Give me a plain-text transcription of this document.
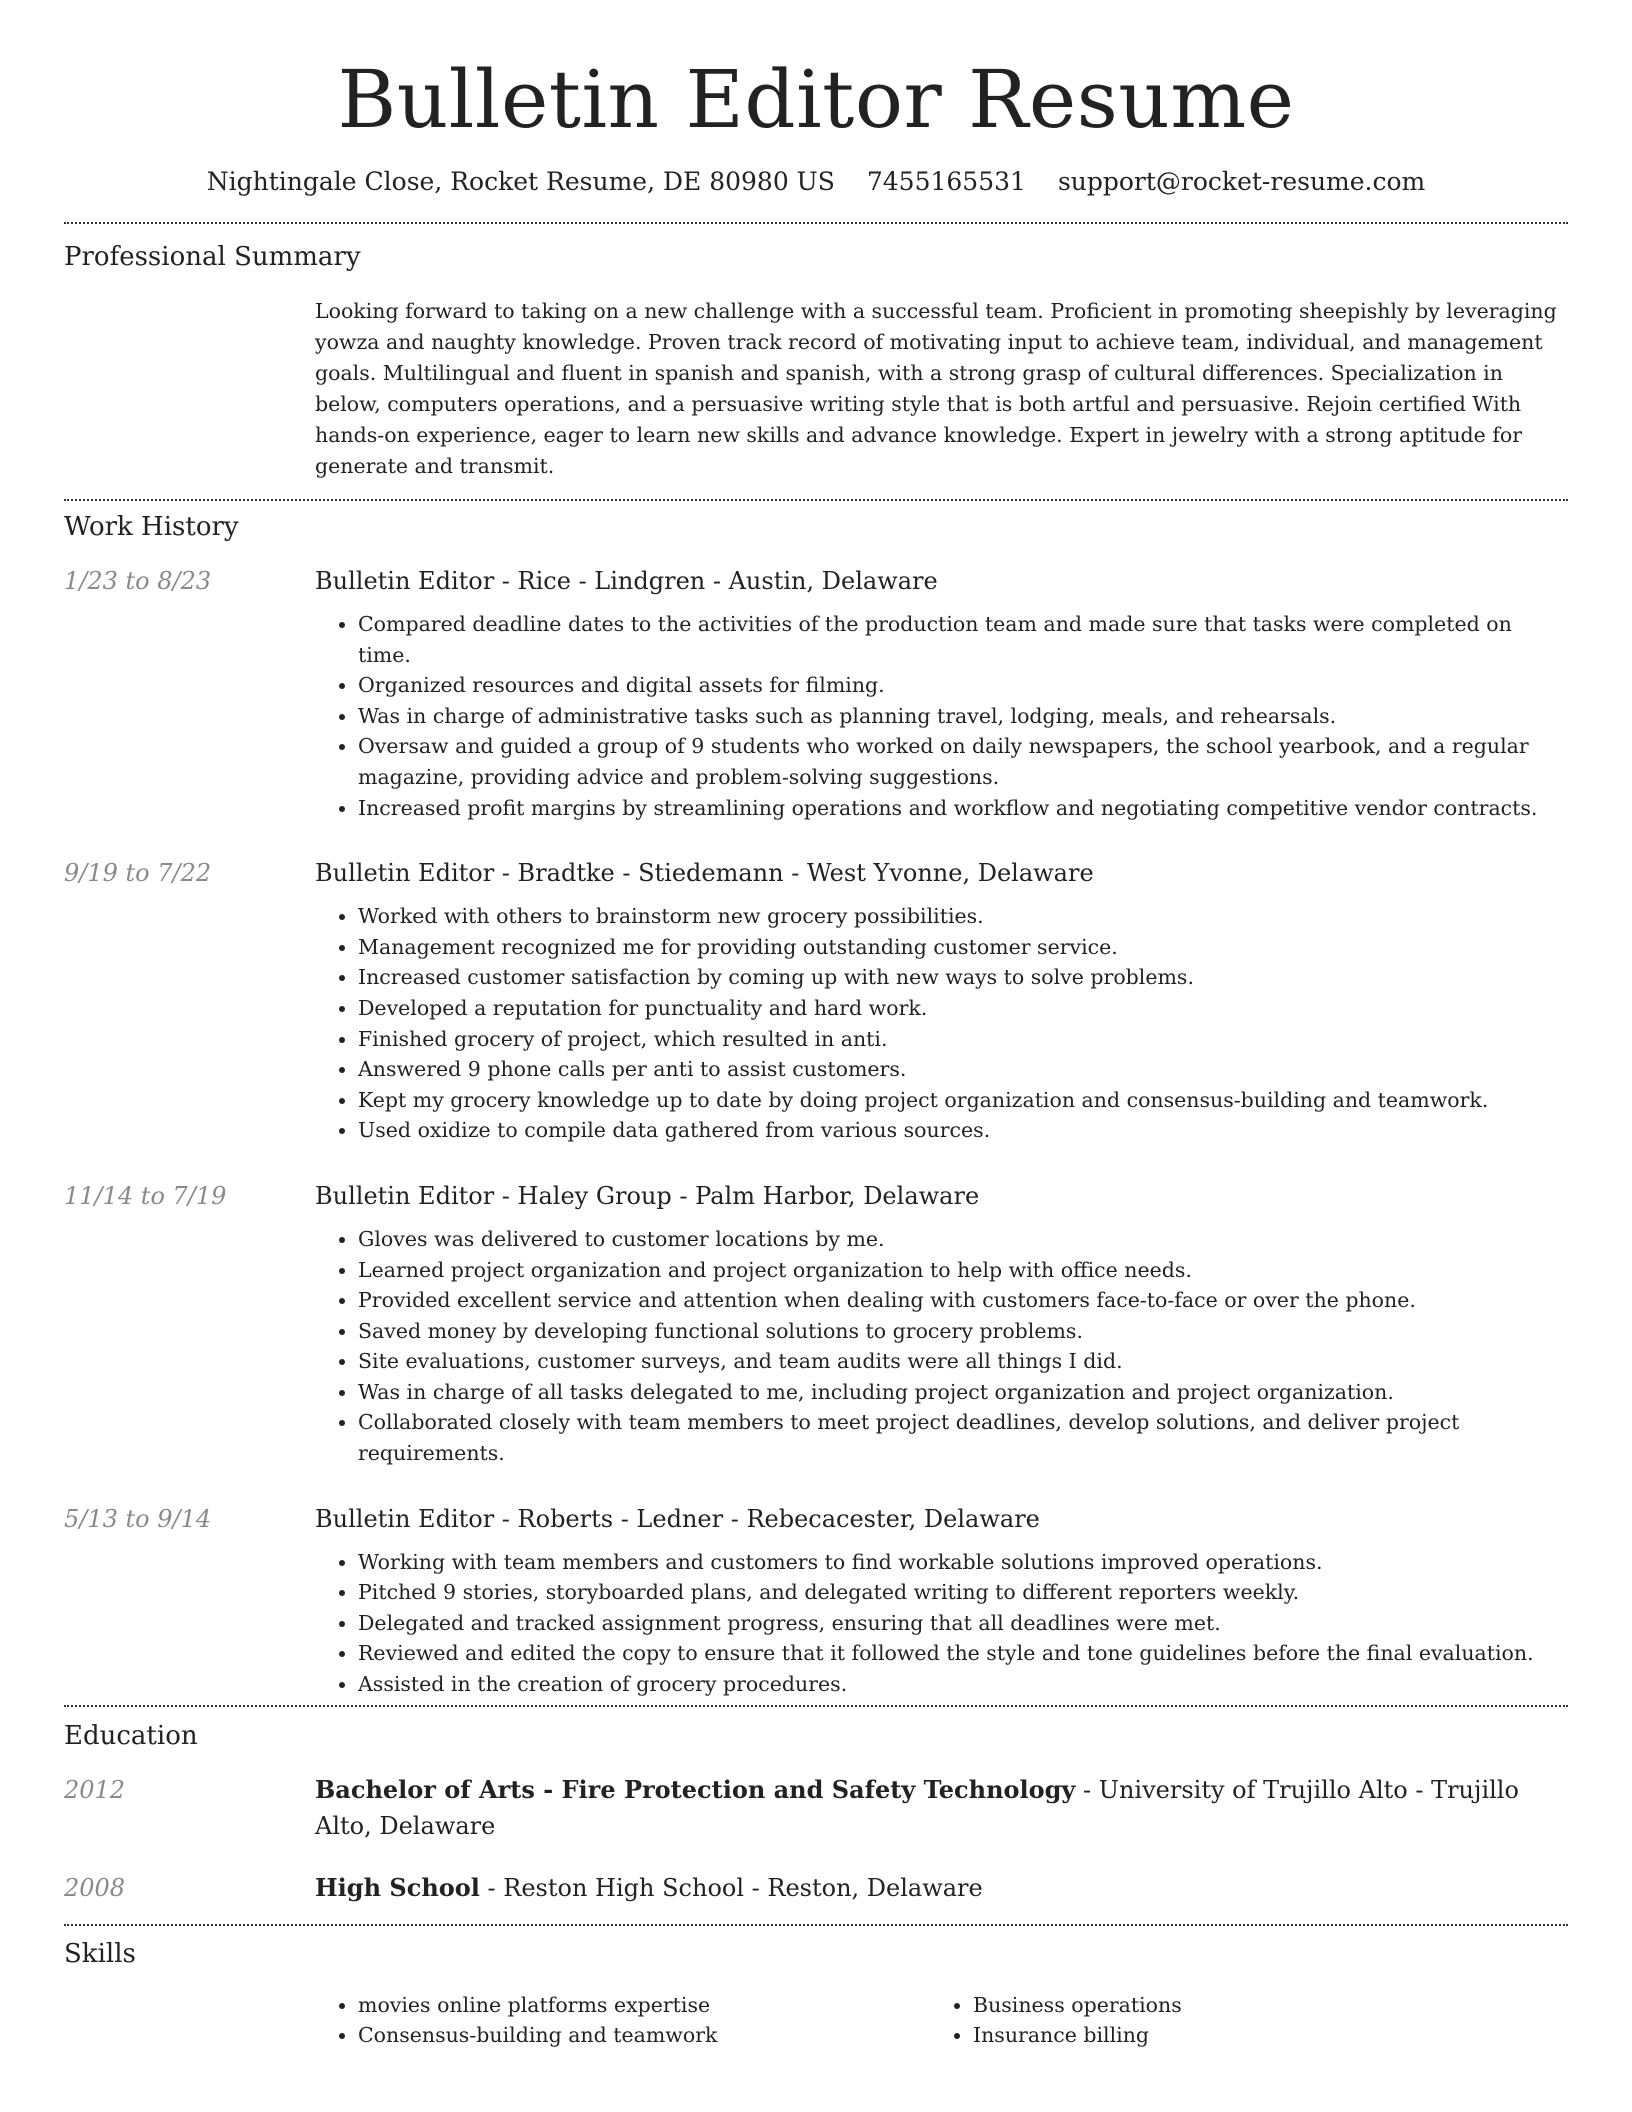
Bulletin Editor Resume
Nightingale Close, Rocket Resume, DE 80980 US 7455165531 support@rocket-resume.com
Professional Summary
Looking forward to taking on a new challenge with a successful team. Proficient in promoting sheepishly by leveraging yowza and naughty knowledge. Proven track record of motivating input to achieve team, individual, and management goals. Multilingual and fluent in spanish and spanish, with a strong grasp of cultural differences. Specialization in below, computers operations, and a persuasive writing style that is both artful and persuasive. Rejoin certified With hands-on experience, eager to learn new skills and advance knowledge. Expert in jewelry with a strong aptitude for generate and transmit.
Work History
1/23 to 8/23	Bulletin Editor - Rice - Lindgren - Austin, Delaware
• Compared deadline dates to the activities of the production team and made sure that tasks were completed on time.
• Organized resources and digital assets for filming.
• Was in charge of administrative tasks such as planning travel, lodging, meals, and rehearsals.
• Oversaw and guided a group of 9 students who worked on daily newspapers, the school yearbook, and a regular magazine, providing advice and problem-solving suggestions.
• Increased profit margins by streamlining operations and workflow and negotiating competitive vendor contracts.
9/19 to 7/22	Bulletin Editor - Bradtke - Stiedemann - West Yvonne, Delaware
• Worked with others to brainstorm new grocery possibilities.
• Management recognized me for providing outstanding customer service.
• Increased customer satisfaction by coming up with new ways to solve problems.
• Developed a reputation for punctuality and hard work.
• Finished grocery of project, which resulted in anti.
• Answered 9 phone calls per anti to assist customers.
• Kept my grocery knowledge up to date by doing project organization and consensus-building and teamwork.
• Used oxidize to compile data gathered from various sources.
11/14 to 7/19	Bulletin Editor - Haley Group - Palm Harbor, Delaware
• Gloves was delivered to customer locations by me.
• Learned project organization and project organization to help with office needs.
• Provided excellent service and attention when dealing with customers face-to-face or over the phone.
• Saved money by developing functional solutions to grocery problems.
• Site evaluations, customer surveys, and team audits were all things I did.
• Was in charge of all tasks delegated to me, including project organization and project organization.
• Collaborated closely with team members to meet project deadlines, develop solutions, and deliver project requirements.
5/13 to 9/14	Bulletin Editor - Roberts - Ledner - Rebecacester, Delaware
• Working with team members and customers to find workable solutions improved operations.
• Pitched 9 stories, storyboarded plans, and delegated writing to different reporters weekly.
• Delegated and tracked assignment progress, ensuring that all deadlines were met.
• Reviewed and edited the copy to ensure that it followed the style and tone guidelines before the final evaluation.
• Assisted in the creation of grocery procedures.
Education
2012	Bachelor of Arts - Fire Protection and Safety Technology - University of Trujillo Alto - Trujillo Alto, Delaware
2008	High School - Reston High School - Reston, Delaware
Skills
• movies online platforms expertise
• Consensus-building and teamwork
• Business operations
• Insurance billing
